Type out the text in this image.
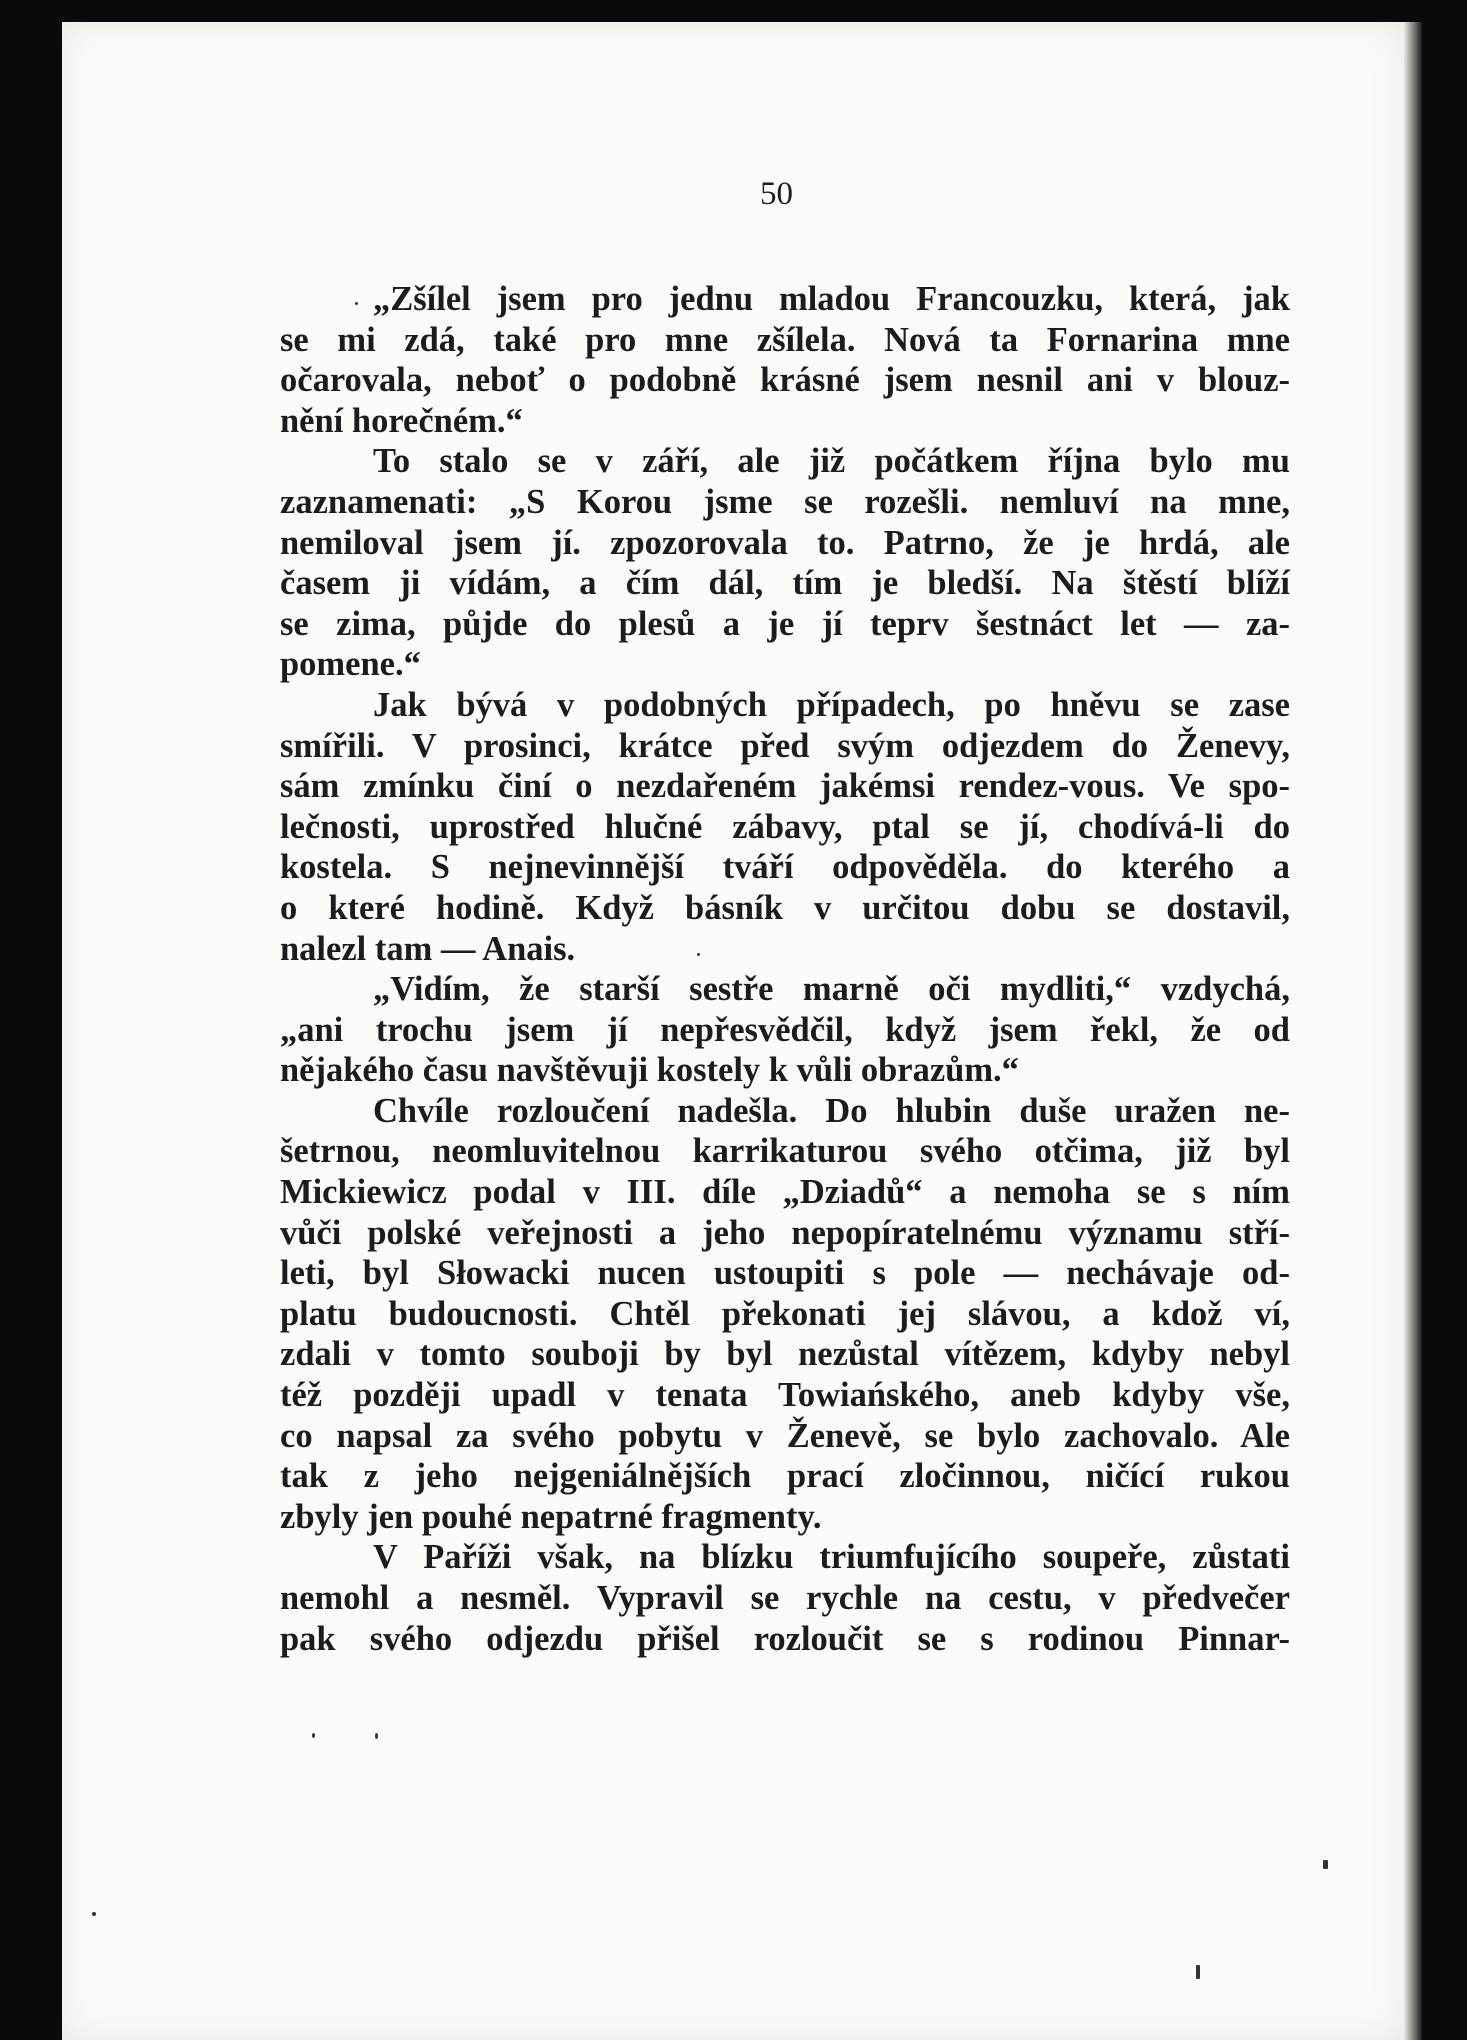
50
„Zšílel jsem pro jednu mladou Francouzku, která, jak
se mi zdá, také pro mne zšílela. Nová ta Fornarina mne
očarovala, neboť o podobně krásné jsem nesnil ani v blouz-
nění horečném.“
To stalo se v září, ale již počátkem října bylo mu
zaznamenati: „S Korou jsme se rozešli. nemluví na mne,
nemiloval jsem jí. zpozorovala to. Patrno, že je hrdá, ale
časem ji vídám, a čím dál, tím je bledší. Na štěstí blíží
se zima, půjde do plesů a je jí teprv šestnáct let — za-
pomene.“
Jak bývá v podobných případech, po hněvu se zase
smířili. V prosinci, krátce před svým odjezdem do Ženevy,
sám zmínku činí o nezdařeném jakémsi rendez-vous. Ve spo-
lečnosti, uprostřed hlučné zábavy, ptal se jí, chodívá-li do
kostela. S nejnevinnější tváří odpověděla. do kterého a
o které hodině. Když básník v určitou dobu se dostavil,
nalezl tam — Anais.
„Vidím, že starší sestře marně oči mydliti,“ vzdychá,
„ani trochu jsem jí nepřesvědčil, když jsem řekl, že od
nějakého času navštěvuji kostely k vůli obrazům.“
Chvíle rozloučení nadešla. Do hlubin duše uražen ne-
šetrnou, neomluvitelnou karrikaturou svého otčima, již byl
Mickiewicz podal v III. díle „Dziadů“ a nemoha se s ním
vůči polské veřejnosti a jeho nepopíratelnému významu stří-
leti, byl Słowacki nucen ustoupiti s pole — nechávaje od-
platu budoucnosti. Chtěl překonati jej slávou, a kdož ví,
zdali v tomto souboji by byl nezůstal vítězem, kdyby nebyl
též později upadl v tenata Towiańského, aneb kdyby vše,
co napsal za svého pobytu v Ženevě, se bylo zachovalo. Ale
tak z jeho nejgeniálnějších prací zločinnou, ničící rukou
zbyly jen pouhé nepatrné fragmenty.
V Paříži však, na blízku triumfujícího soupeře, zůstati
nemohl a nesměl. Vypravil se rychle na cestu, v předvečer
pak svého odjezdu přišel rozloučit se s rodinou Pinnar-
